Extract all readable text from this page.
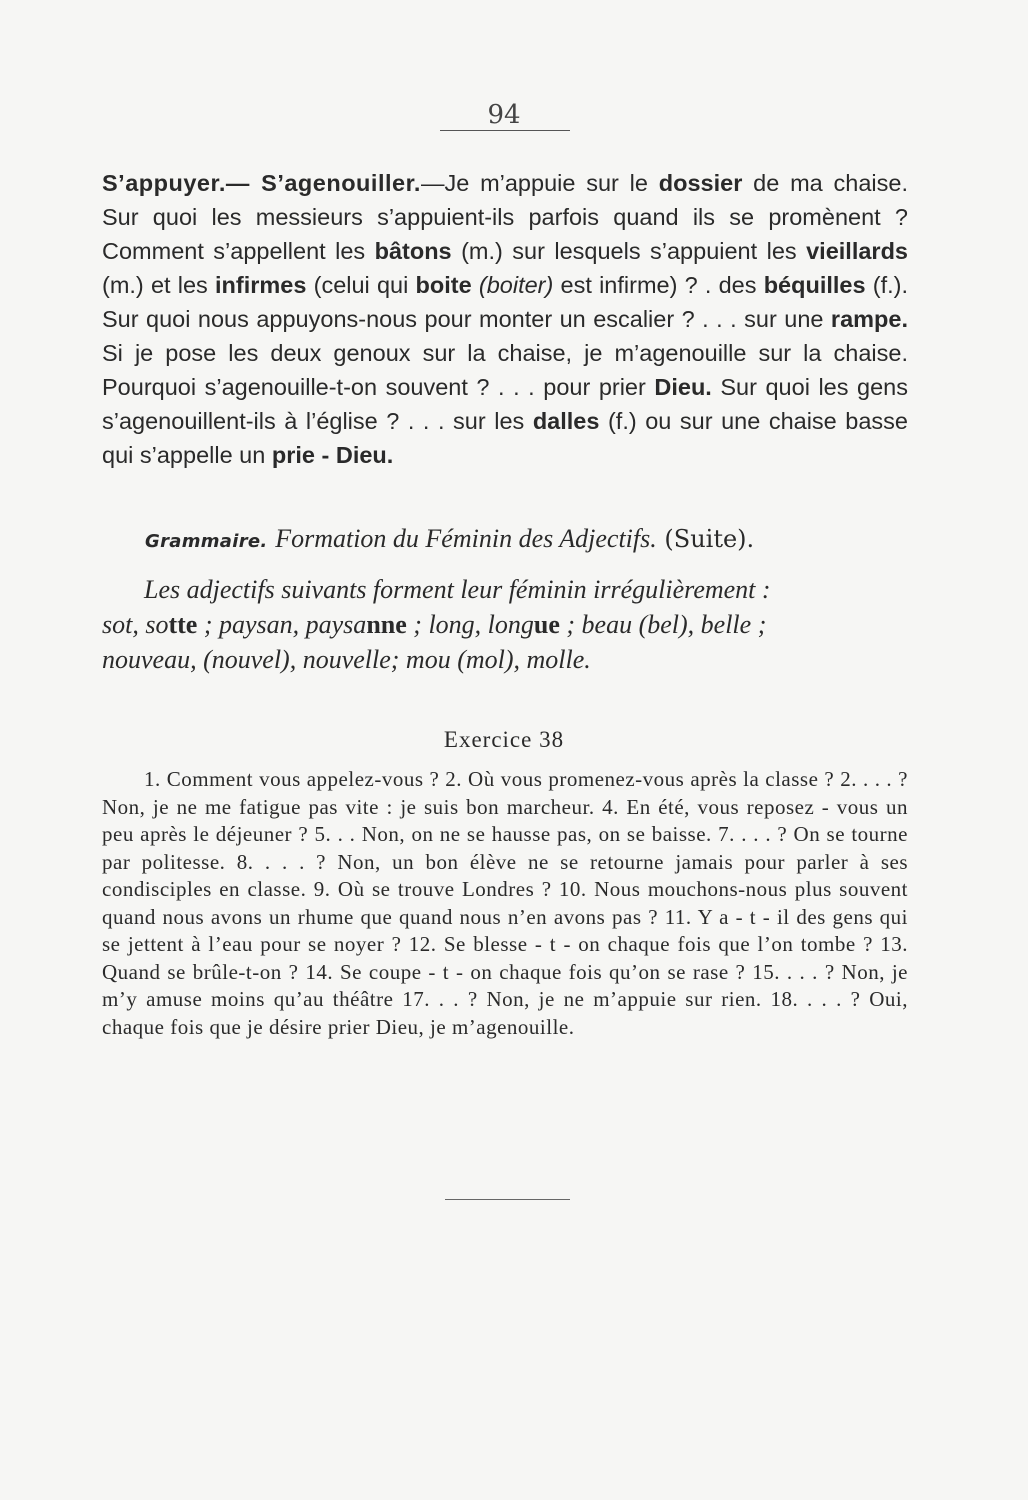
94
S’appuyer.— S’agenouiller.—Je m’appuie sur le dossier de ma chaise. Sur quoi les messieurs s’appuient-ils parfois quand ils se promènent ? Comment s’appellent les bâtons (m.) sur lesquels s’appuient les vieillards (m.) et les infirmes (celui qui boite (boiter) est infirme) ? . des béquilles (f.). Sur quoi nous appuyons-nous pour monter un escalier ? . . . sur une rampe. Si je pose les deux genoux sur la chaise, je m’agenouille sur la chaise. Pourquoi s’agenouille-t-on souvent ? . . . pour prier Dieu. Sur quoi les gens s’agenouillent-ils à l’église ? . . . sur les dalles (f.) ou sur une chaise basse qui s’appelle un prie - Dieu.
Grammaire. Formation du Féminin des Adjectifs. (Suite).
Les adjectifs suivants forment leur féminin irrégulièrement :
sot, sotte ; paysan, paysanne ; long, longue ; beau (bel), belle ;
nouveau, (nouvel), nouvelle; mou (mol), molle.
Exercice 38
1. Comment vous appelez-vous ? 2. Où vous promenez-vous après la classe ? 2. . . . ? Non, je ne me fatigue pas vite : je suis bon marcheur. 4. En été, vous reposez - vous un peu après le déjeuner ? 5. . . Non, on ne se hausse pas, on se baisse. 7. . . . ? On se tourne par politesse. 8. . . . ? Non, un bon élève ne se retourne jamais pour parler à ses condisciples en classe. 9. Où se trouve Londres ? 10. Nous mouchons-nous plus souvent quand nous avons un rhume que quand nous n’en avons pas ? 11. Y a - t - il des gens qui se jettent à l’eau pour se noyer ? 12. Se blesse - t - on chaque fois que l’on tombe ? 13. Quand se brûle-t-on ? 14. Se coupe - t - on chaque fois qu’on se rase ? 15. . . . ? Non, je m’y amuse moins qu’au théâtre 17. . . ? Non, je ne m’appuie sur rien. 18. . . . ? Oui, chaque fois que je désire prier Dieu, je m’agenouille.
